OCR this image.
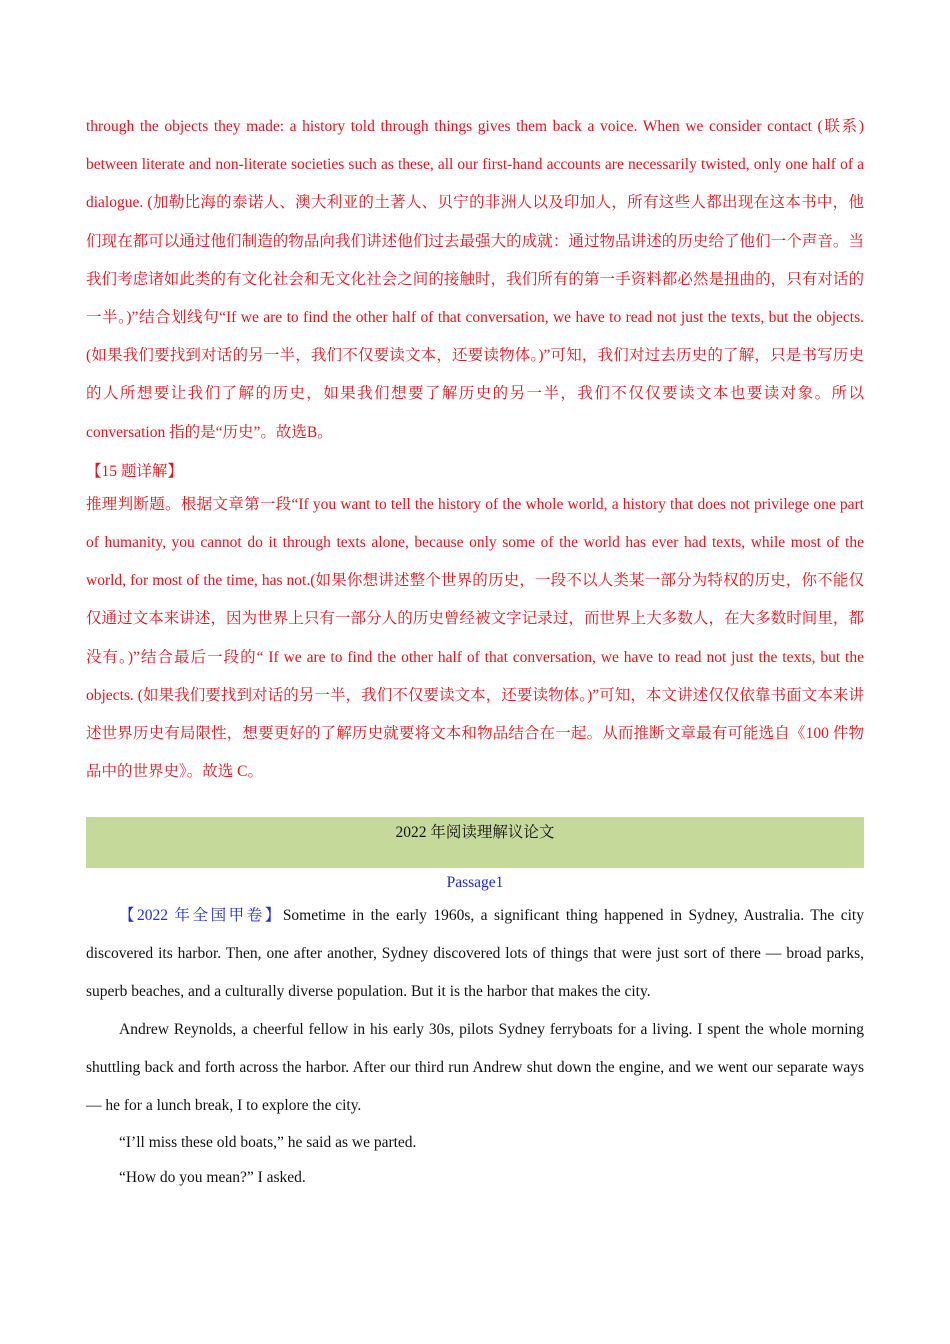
through the objects they made: a history told through things gives them back a voice. When we consider contact (联系) between literate and non-literate societies such as these, all our first-hand accounts are necessarily twisted, only one half of a dialogue. (加勒比海的泰诺人、澳大利亚的土著人、贝宁的非洲人以及印加人，所有这些人都出现在这本书中，他们现在都可以通过他们制造的物品向我们讲述他们过去最强大的成就：通过物品讲述的历史给了他们一个声音。当我们考虑诸如此类的有文化社会和无文化社会之间的接触时，我们所有的第一手资料都必然是扭曲的，只有对话的一半。)”结合划线句“If we are to find the other half of that conversation, we have to read not just the texts, but the objects. (如果我们要找到对话的另一半，我们不仅要读文本，还要读物体。)”可知，我们对过去历史的了解，只是书写历史的人所想要让我们了解的历史，如果我们想要了解历史的另一半，我们不仅仅要读文本也要读对象。所以 conversation 指的是“历史”。故选B。

【15 题详解】

推理判断题。根据文章第一段“If you want to tell the history of the whole world, a history that does not privilege one part of humanity, you cannot do it through texts alone, because only some of the world has ever had texts, while most of the world, for most of the time, has not.(如果你想讲述整个世界的历史，一段不以人类某一部分为特权的历史，你不能仅仅通过文本来讲述，因为世界上只有一部分人的历史曾经被文字记录过，而世界上大多数人，在大多数时间里，都没有。)”结合最后一段的“ If we are to find the other half of that conversation, we have to read not just the texts, but the objects. (如果我们要找到对话的另一半，我们不仅要读文本，还要读物体。)”可知，本文讲述仅仅依靠书面文本来讲述世界历史有局限性，想要更好的了解历史就要将文本和物品结合在一起。从而推断文章最有可能选自《100 件物品中的世界史》。故选 C。

2022 年阅读理解议论文
Passage1

【2022 年全国甲卷】Sometime in the early 1960s, a significant thing happened in Sydney, Australia. The city discovered its harbor. Then, one after another, Sydney discovered lots of things that were just sort of there — broad parks, superb beaches, and a culturally diverse population. But it is the harbor that makes the city.

Andrew Reynolds, a cheerful fellow in his early 30s, pilots Sydney ferryboats for a living. I spent the whole morning shuttling back and forth across the harbor. After our third run Andrew shut down the engine, and we went our separate ways — he for a lunch break, I to explore the city.

“I’ll miss these old boats,” he said as we parted.

“How do you mean?” I asked.
